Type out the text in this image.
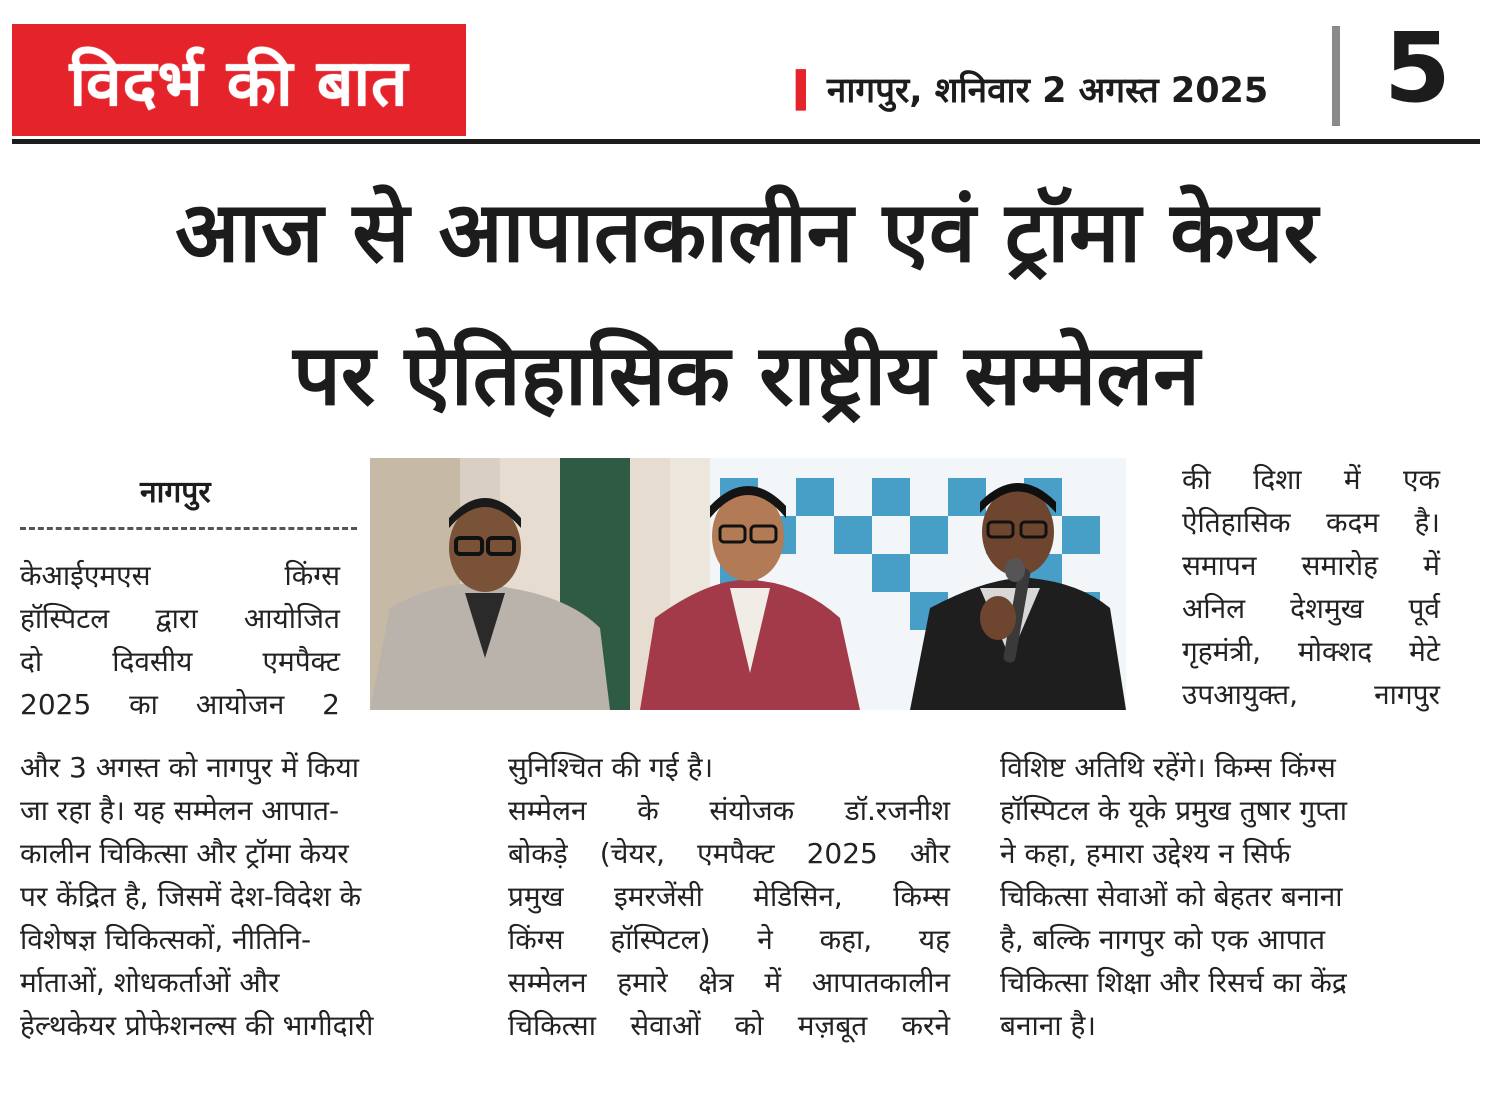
विदर्भ की बात	▍ नागपुर, शनिवार 2 अगस्त 2025 5
आज से आपातकालीन एवं ट्रॉमा केयर
पर ऐतिहासिक राष्ट्रीय सम्मेलन
नागपुर
केआईएमएस किंग्स
हॉस्पिटल द्वारा आयोजित
दो दिवसीय एमपैक्ट
2025 का आयोजन 2
और 3 अगस्त को नागपुर में किया
जा रहा है। यह सम्मेलन आपात-
कालीन चिकित्सा और ट्रॉमा केयर
पर केंद्रित है, जिसमें देश-विदेश के
विशेषज्ञ चिकित्सकों, नीतिनि-
र्माताओं, शोधकर्ताओं और
हेल्थकेयर प्रोफेशनल्स की भागीदारी
सुनिश्चित की गई है।
सम्मेलन के संयोजक डॉ.रजनीश
बोकड़े (चेयर, एमपैक्ट 2025 और
प्रमुख इमरजेंसी मेडिसिन, किम्स
किंग्स हॉस्पिटल) ने कहा, यह
सम्मेलन हमारे क्षेत्र में आपातकालीन
चिकित्सा सेवाओं को मज़बूत करने
की दिशा में एक
ऐतिहासिक कदम है।
समापन समारोह में
अनिल देशमुख पूर्व
गृहमंत्री, मोक्शद मेटे
उपआयुक्त, नागपुर
विशिष्ट अतिथि रहेंगे। किम्स किंग्स
हॉस्पिटल के यूके प्रमुख तुषार गुप्ता
ने कहा, हमारा उद्देश्य न सिर्फ
चिकित्सा सेवाओं को बेहतर बनाना
है, बल्कि नागपुर को एक आपात
चिकित्सा शिक्षा और रिसर्च का केंद्र
बनाना है।
